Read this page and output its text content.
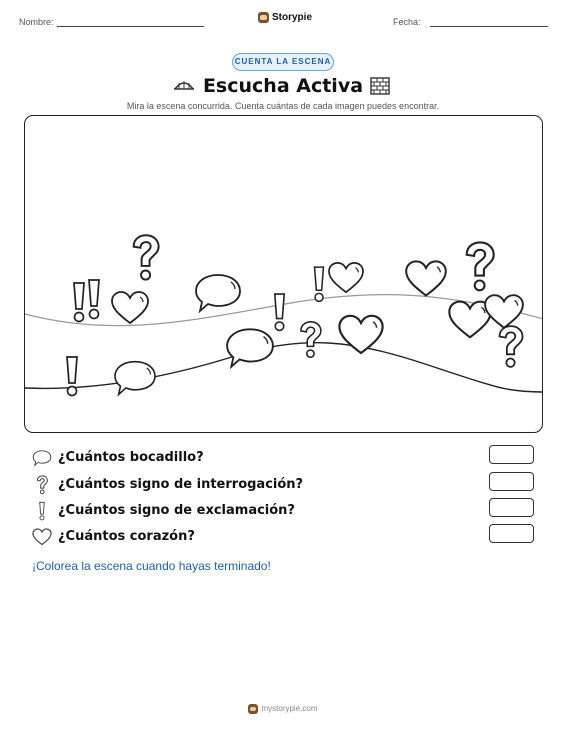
Nombre:	Storypie	Fecha:
CUENTA LA ESCENA
Escucha Activa
Mira la escena concurrida. Cuenta cuántas de cada imagen puedes encontrar.
¿Cuántos bocadillo?
¿Cuántos signo de interrogación?
¿Cuántos signo de exclamación?
¿Cuántos corazón?
¡Colorea la escena cuando hayas terminado!
mystorypie.com
